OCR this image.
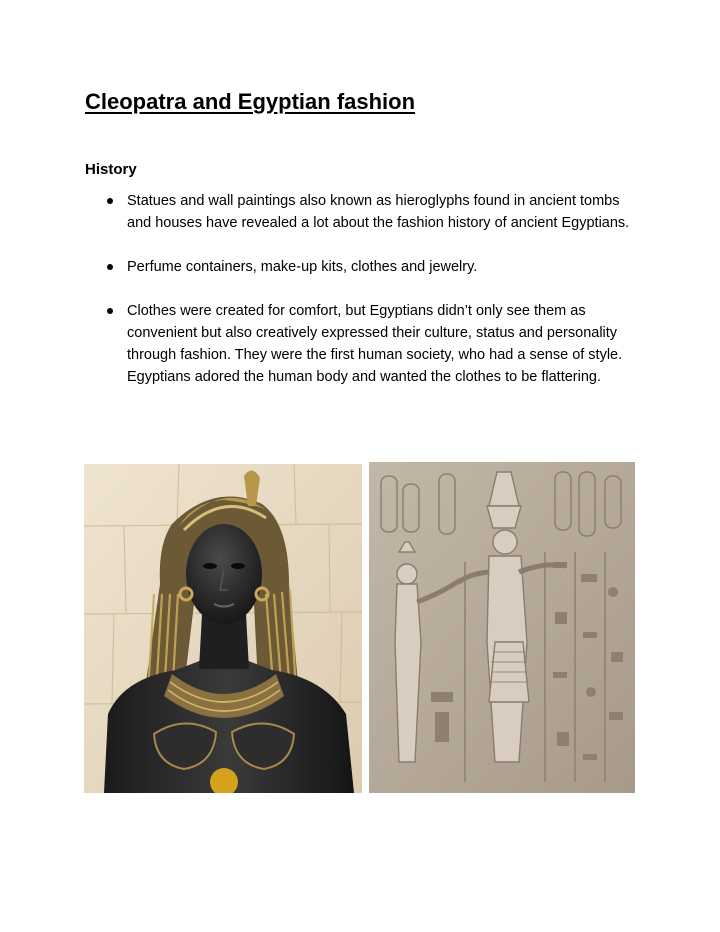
Cleopatra and Egyptian fashion
History
Statues and wall paintings also known as hieroglyphs found in ancient tombs and houses have revealed a lot about the fashion history of ancient Egyptians.
Perfume containers, make-up kits, clothes and jewelry.
Clothes were created for comfort, but Egyptians didn’t only see them as convenient but also creatively expressed their culture, status and personality through fashion. They were the first human society, who had a sense of style. Egyptians adored the human body and wanted the clothes to be flattering.
